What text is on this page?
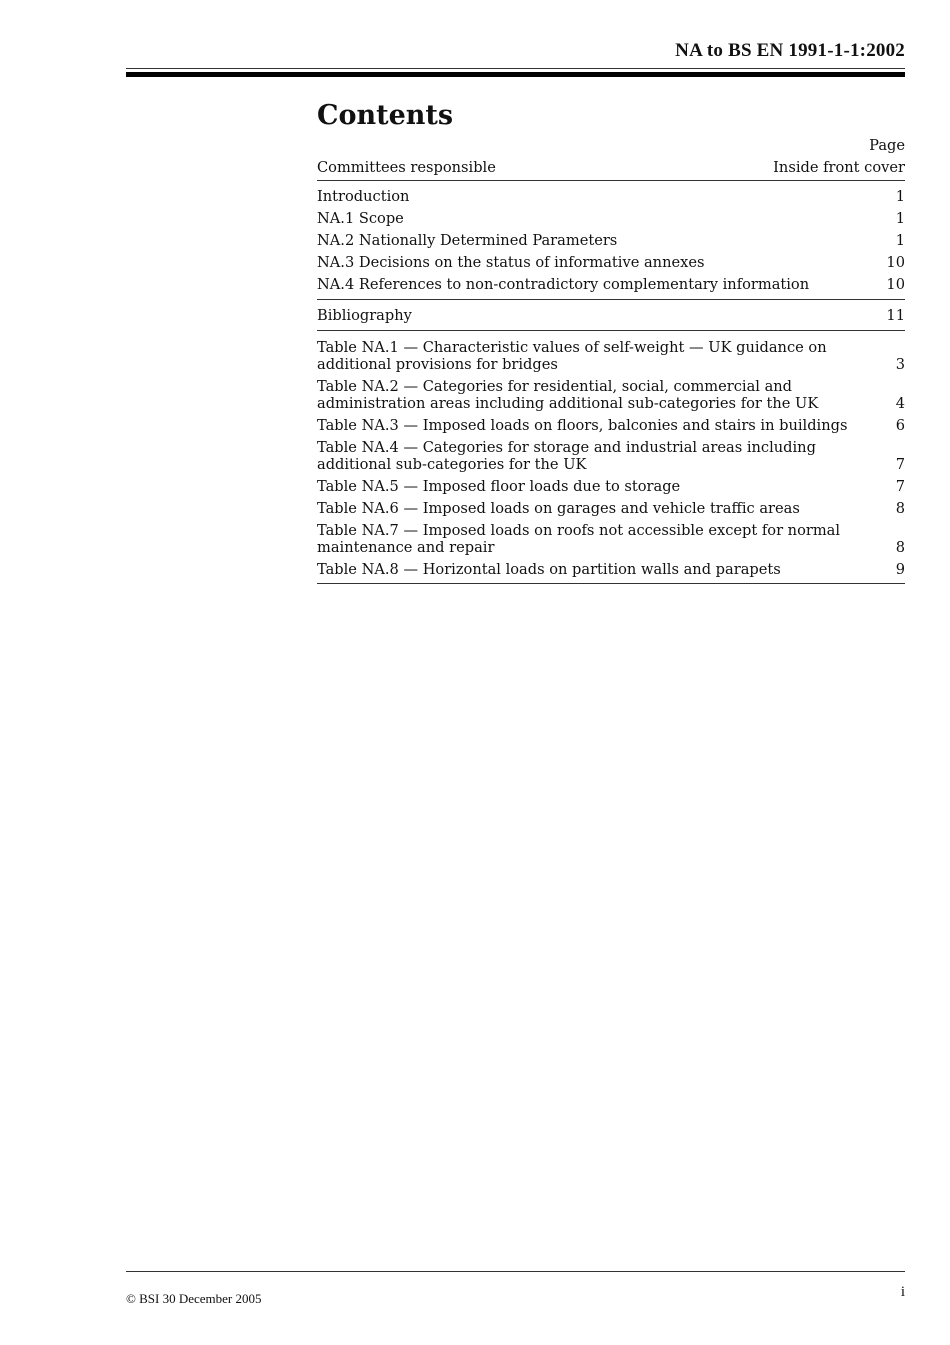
NA to BS EN 1991-1-1:2002
Contents
Page
Committees responsible	Inside front cover
Introduction	1
NA.1 Scope	1
NA.2 Nationally Determined Parameters	1
NA.3 Decisions on the status of informative annexes	10
NA.4 References to non-contradictory complementary information	10
Bibliography	11
Table NA.1 — Characteristic values of self-weight — UK guidance on additional provisions for bridges	3
Table NA.2 — Categories for residential, social, commercial and administration areas including additional sub-categories for the UK	4
Table NA.3 — Imposed loads on floors, balconies and stairs in buildings	6
Table NA.4 — Categories for storage and industrial areas including additional sub-categories for the UK	7
Table NA.5 — Imposed floor loads due to storage	7
Table NA.6 — Imposed loads on garages and vehicle traffic areas	8
Table NA.7 — Imposed loads on roofs not accessible except for normal maintenance and repair	8
Table NA.8 — Horizontal loads on partition walls and parapets	9
© BSI 30 December 2005	i
